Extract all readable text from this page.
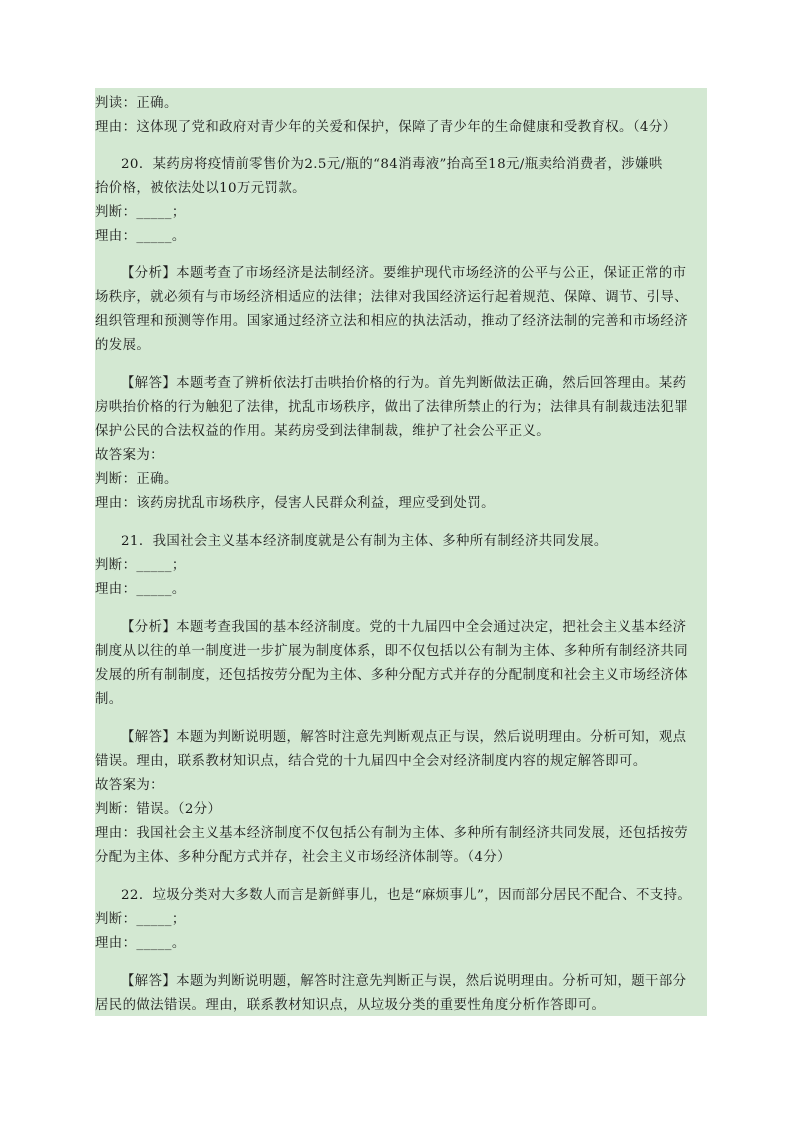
判读：正确。
理由：这体现了党和政府对青少年的关爱和保护，保障了青少年的生命健康和受教育权。（4分）
20．某药房将疫情前零售价为2.5元/瓶的“84消毒液”抬高至18元/瓶卖给消费者，涉嫌哄
抬价格，被依法处以10万元罚款。
判断：_____；
理由：_____。
【分析】本题考查了市场经济是法制经济。要维护现代市场经济的公平与公正，保证正常的市
场秩序，就必须有与市场经济相适应的法律；法律对我国经济运行起着规范、保障、调节、引导、
组织管理和预测等作用。国家通过经济立法和相应的执法活动，推动了经济法制的完善和市场经济
的发展。
【解答】本题考查了辨析依法打击哄抬价格的行为。首先判断做法正确，然后回答理由。某药
房哄抬价格的行为触犯了法律，扰乱市场秩序，做出了法律所禁止的行为；法律具有制裁违法犯罪
保护公民的合法权益的作用。某药房受到法律制裁，维护了社会公平正义。
故答案为：
判断：正确。
理由：该药房扰乱市场秩序，侵害人民群众利益，理应受到处罚。
21．我国社会主义基本经济制度就是公有制为主体、多种所有制经济共同发展。
判断：_____；
理由：_____。
【分析】本题考查我国的基本经济制度。党的十九届四中全会通过决定，把社会主义基本经济
制度从以往的单一制度进一步扩展为制度体系，即不仅包括以公有制为主体、多种所有制经济共同
发展的所有制制度，还包括按劳分配为主体、多种分配方式并存的分配制度和社会主义市场经济体
制。
【解答】本题为判断说明题，解答时注意先判断观点正与误，然后说明理由。分析可知，观点
错误。理由，联系教材知识点，结合党的十九届四中全会对经济制度内容的规定解答即可。
故答案为：
判断：错误。（2分）
理由：我国社会主义基本经济制度不仅包括公有制为主体、多种所有制经济共同发展，还包括按劳
分配为主体、多种分配方式并存，社会主义市场经济体制等。（4分）
22．垃圾分类对大多数人而言是新鲜事儿，也是“麻烦事儿”，因而部分居民不配合、不支持。
判断：_____；
理由：_____。
【解答】本题为判断说明题，解答时注意先判断正与误，然后说明理由。分析可知，题干部分
居民的做法错误。理由，联系教材知识点，从垃圾分类的重要性角度分析作答即可。
